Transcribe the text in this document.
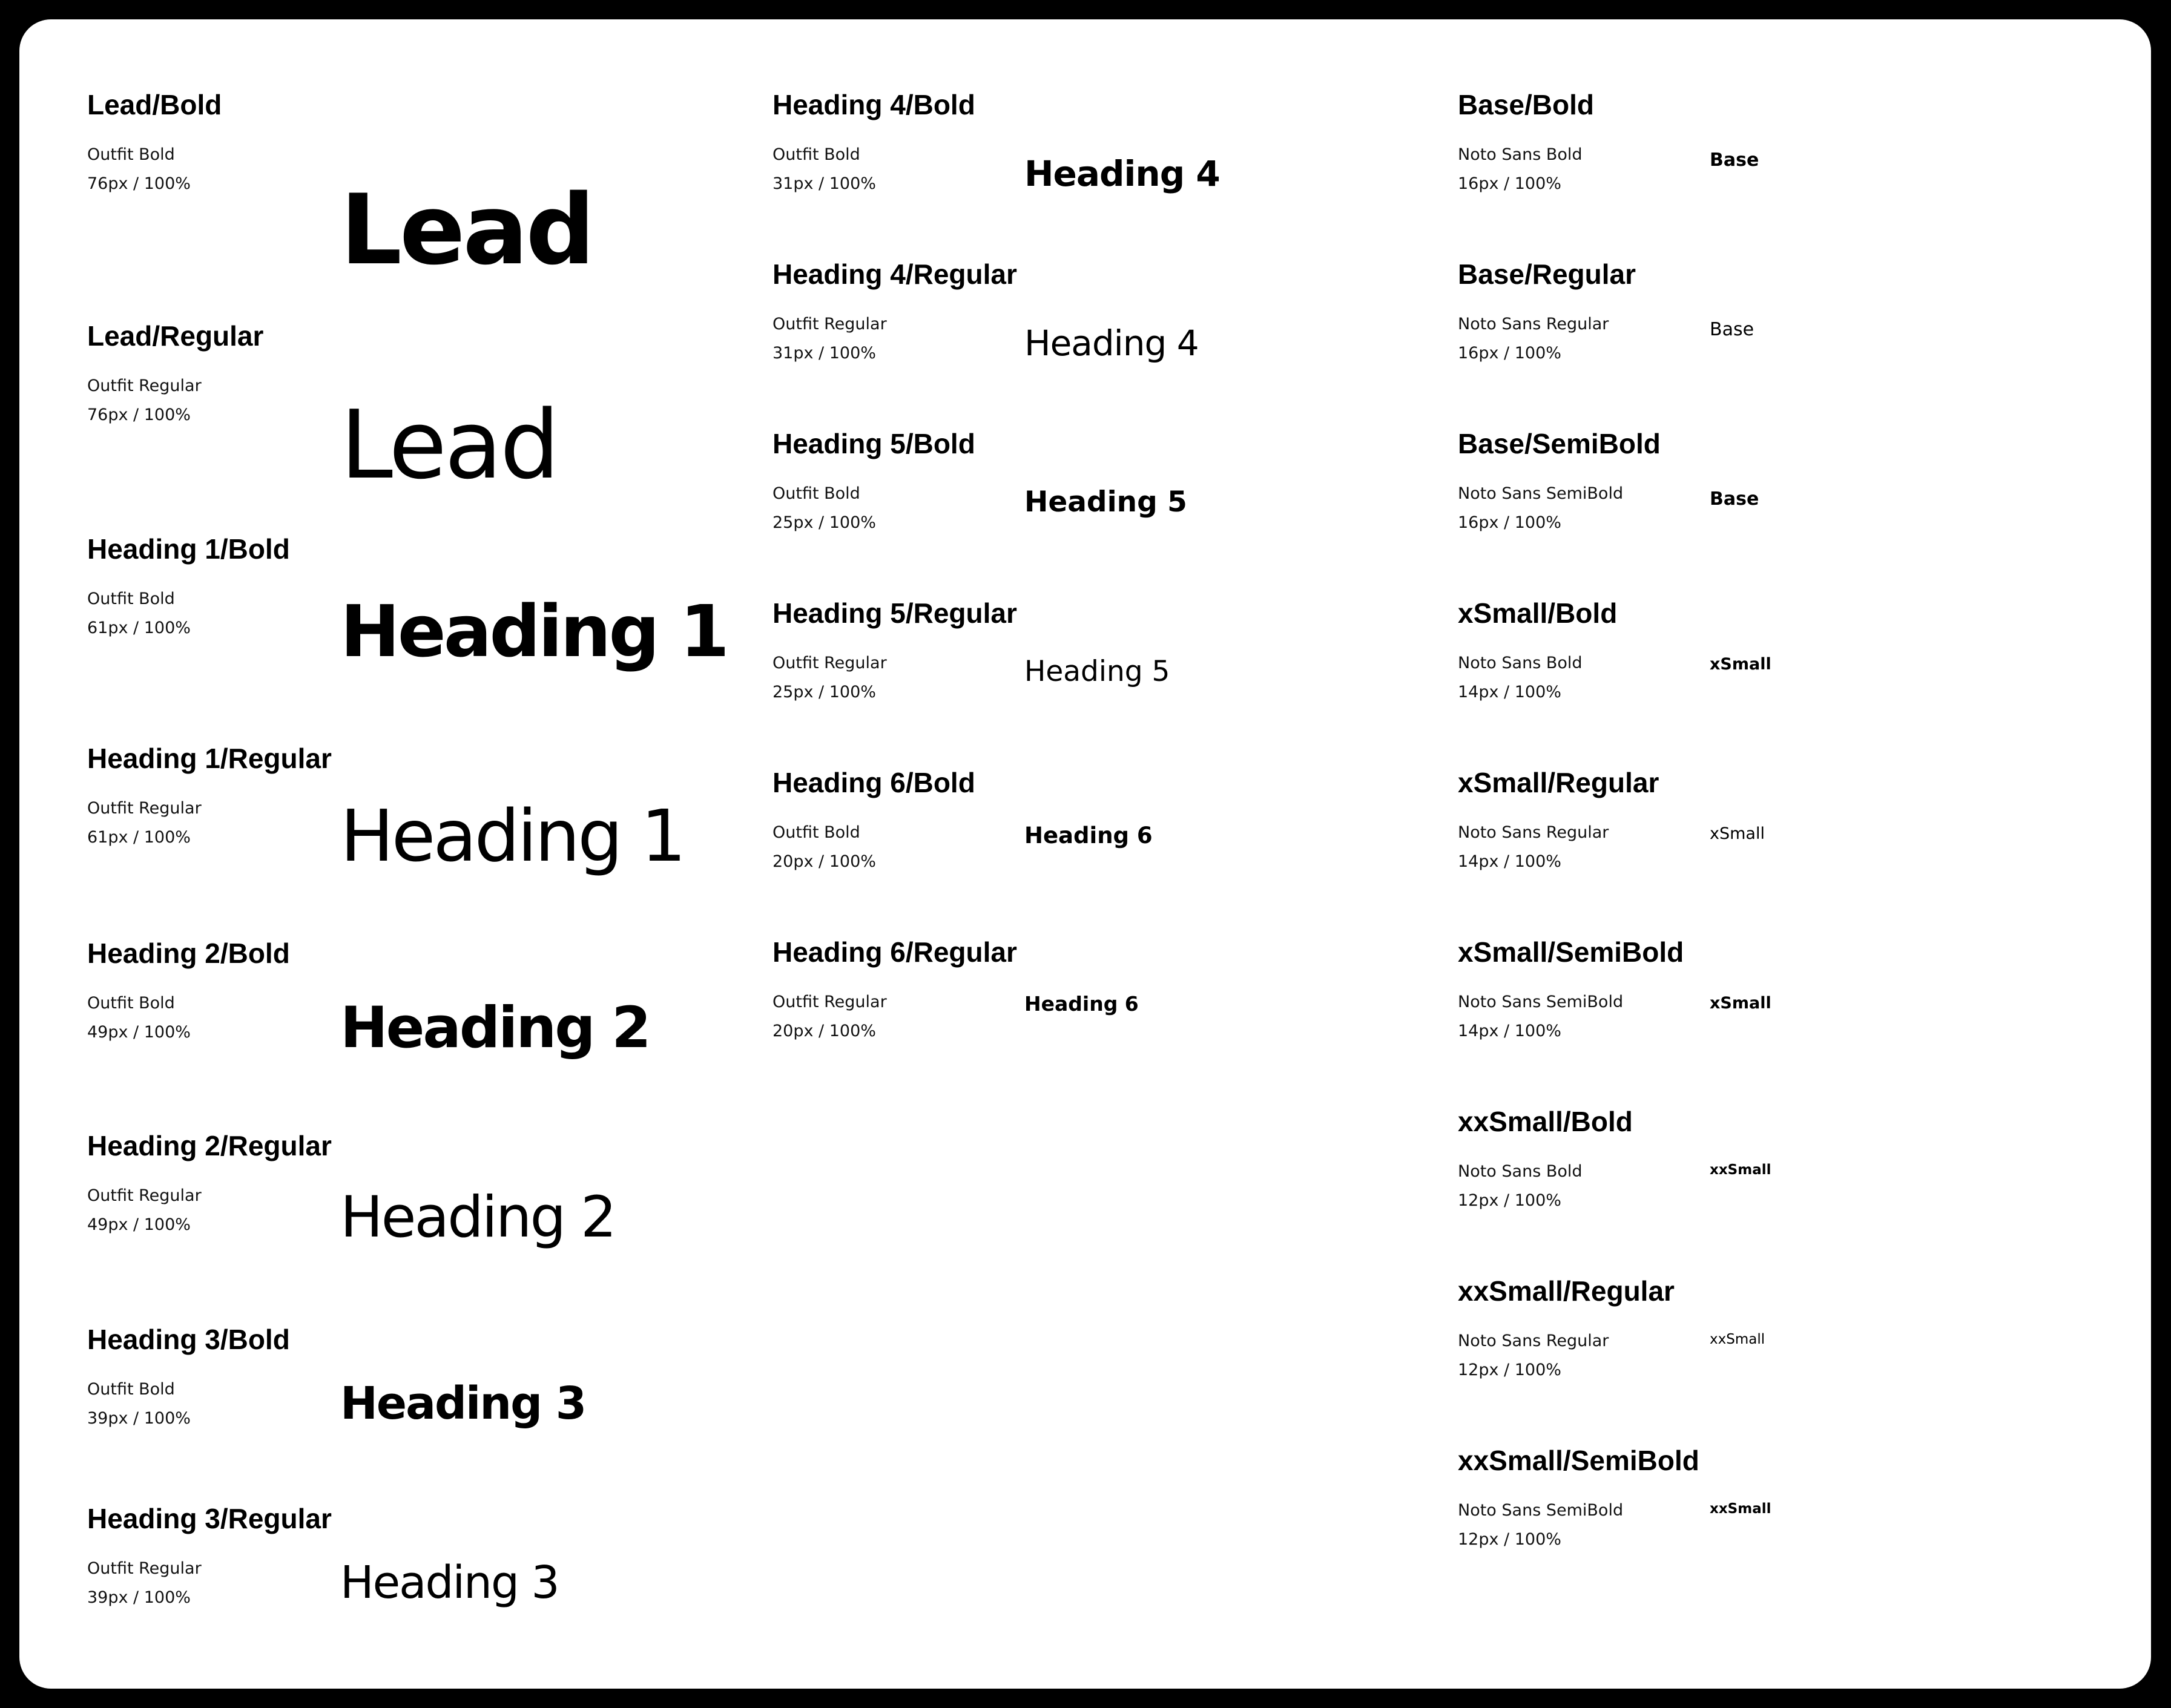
Lead/Bold
Outfit Bold
76px / 100% Lead
Lead/Regular
Outfit Regular
76px / 100% Lead
Heading 1/Bold
Outfit Bold
61px / 100% Heading 1
Heading 1/Regular
Outfit Regular
61px / 100% Heading 1
Heading 2/Bold
Outfit Bold
49px / 100%	Heading 2
Heading 2/Regular
Outfit Regular
49px / 100%	Heading 2
Heading 3/Bold
Outfit Bold
39px / 100%	Heading 3
Heading 3/Regular
Outfit Regular
39px / 100%	Heading 3
Heading 4/Bold
Outfit Bold
31px / 100%	Heading 4
Heading 4/Regular
Outfit Regular
31px / 100%	Heading 4
Heading 5/Bold
Outfit Bold
25px / 100%
Heading 5
Heading 5/Regular
Outfit Regular
25px / 100%
Heading 5
Heading 6/Bold
Outfit Bold
20px / 100%
Heading 6
Heading 6/Regular
Outfit Regular
20px / 100%
Heading 6
Base/Bold
Noto Sans Bold
16px / 100%
Base
Base/Regular
Noto Sans Regular
16px / 100%
Base
Base/SemiBold
Noto Sans SemiBold
16px / 100%
Base
xSmall/Bold
Noto Sans Bold
14px / 100%
xSmall
xSmall/Regular
Noto Sans Regular
14px / 100%
xSmall
xSmall/SemiBold
Noto Sans SemiBold
14px / 100%
xSmall
xxSmall/Bold
Noto Sans Bold
12px / 100%
xxSmall
xxSmall/Regular
Noto Sans Regular
12px / 100%
xxSmall
xxSmall/SemiBold
Noto Sans SemiBold
12px / 100%
xxSmall
